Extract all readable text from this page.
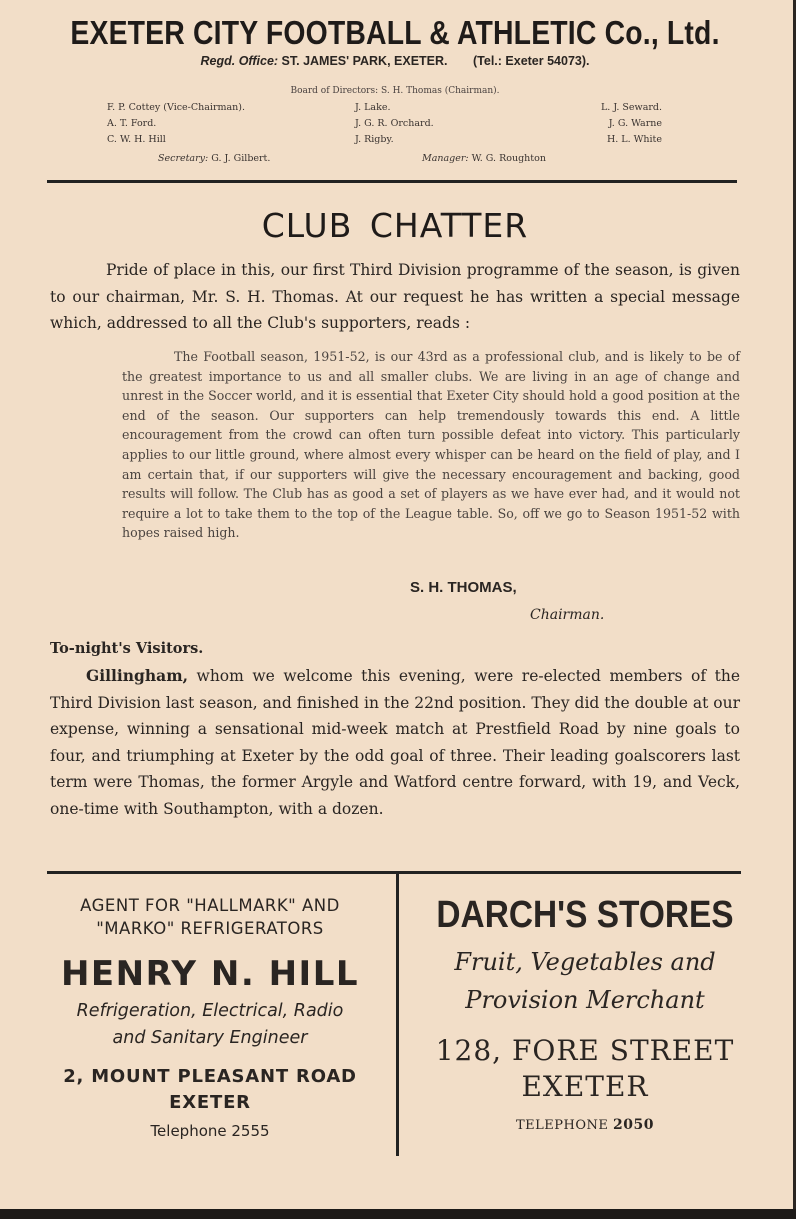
EXETER CITY FOOTBALL & ATHLETIC Co., Ltd.
Regd. Office: ST. JAMES' PARK, EXETER. (Tel.: Exeter 54073).
Board of Directors: S. H. Thomas (Chairman).
F. P. Cottey (Vice-Chairman).
A. T. Ford.
C. W. H. Hill
J. Lake.
J. G. R. Orchard.
J. Rigby.
L. J. Seward.
J. G. Warne
H. L. White
Secretary: G. J. Gilbert.	Manager: W. G. Roughton
CLUB CHATTER
Pride of place in this, our first Third Division programme of the season, is given to our chairman, Mr. S. H. Thomas. At our request he has written a special message which, addressed to all the Club's supporters, reads :
The Football season, 1951-52, is our 43rd as a professional club, and is likely to be of the greatest importance to us and all smaller clubs. We are living in an age of change and unrest in the Soccer world, and it is essential that Exeter City should hold a good position at the end of the season. Our supporters can help tremendously towards this end. A little encouragement from the crowd can often turn possible defeat into victory. This particularly applies to our little ground, where almost every whisper can be heard on the field of play, and I am certain that, if our supporters will give the necessary encouragement and backing, good results will follow. The Club has as good a set of players as we have ever had, and it would not require a lot to take them to the top of the League table. So, off we go to Season 1951-52 with hopes raised high.
S. H. THOMAS,
Chairman.
To-night's Visitors.
Gillingham, whom we welcome this evening, were re-elected members of the Third Division last season, and finished in the 22nd position. They did the double at our expense, winning a sensational mid-week match at Prestfield Road by nine goals to four, and triumphing at Exeter by the odd goal of three. Their leading goalscorers last term were Thomas, the former Argyle and Watford centre forward, with 19, and Veck, one-time with Southampton, with a dozen.
AGENT FOR "HALLMARK" AND
"MARKO" REFRIGERATORS
HENRY N. HILL
Refrigeration, Electrical, Radio
and Sanitary Engineer
2, MOUNT PLEASANT ROAD
EXETER
Telephone 2555
DARCH'S STORES
Fruit, Vegetables and
Provision Merchant
128, FORE STREET
EXETER
TELEPHONE 2050
